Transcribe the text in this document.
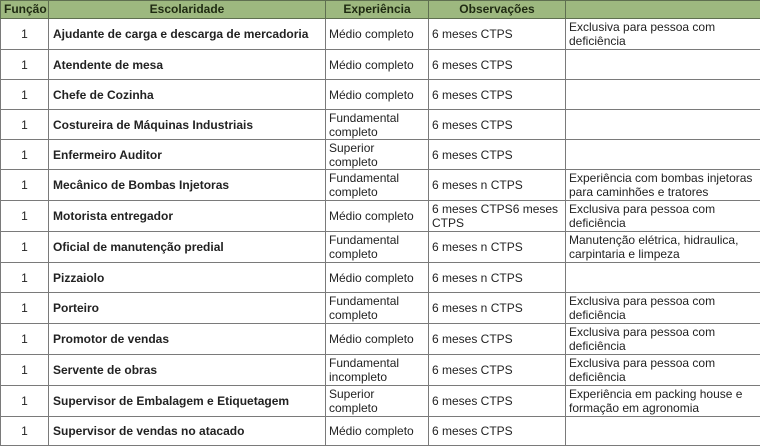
Função	Escolaridade	Experiência	Observações	
1	Ajudante de carga e descarga de mercadoria	Médio completo	6 meses CTPS	Exclusiva para pessoa com deficiência
1	Atendente de mesa	Médio completo	6 meses CTPS	
1	Chefe de Cozinha	Médio completo	6 meses CTPS	
1	Costureira de Máquinas Industriais	Fundamental completo	6 meses CTPS	
1	Enfermeiro Auditor	Superior completo	6 meses CTPS	
1	Mecânico de Bombas Injetoras	Fundamental completo	6 meses n CTPS	Experiência com bombas injetoras para caminhões e tratores
1	Motorista entregador	Médio completo	6 meses CTPS6 meses CTPS	Exclusiva para pessoa com deficiência
1	Oficial de manutenção predial	Fundamental completo	6 meses n CTPS	Manutenção elétrica, hidraulica, carpintaria e limpeza
1	Pizzaiolo	Médio completo	6 meses n CTPS	
1	Porteiro	Fundamental completo	6 meses n CTPS	Exclusiva para pessoa com deficiência
1	Promotor de vendas	Médio completo	6 meses CTPS	Exclusiva para pessoa com deficiência
1	Servente de obras	Fundamental incompleto	6 meses CTPS	Exclusiva para pessoa com deficiência
1	Supervisor de Embalagem e Etiquetagem	Superior completo	6 meses CTPS	Experiência em packing house e formação em agronomia
1	Supervisor de vendas no atacado	Médio completo	6 meses CTPS	
